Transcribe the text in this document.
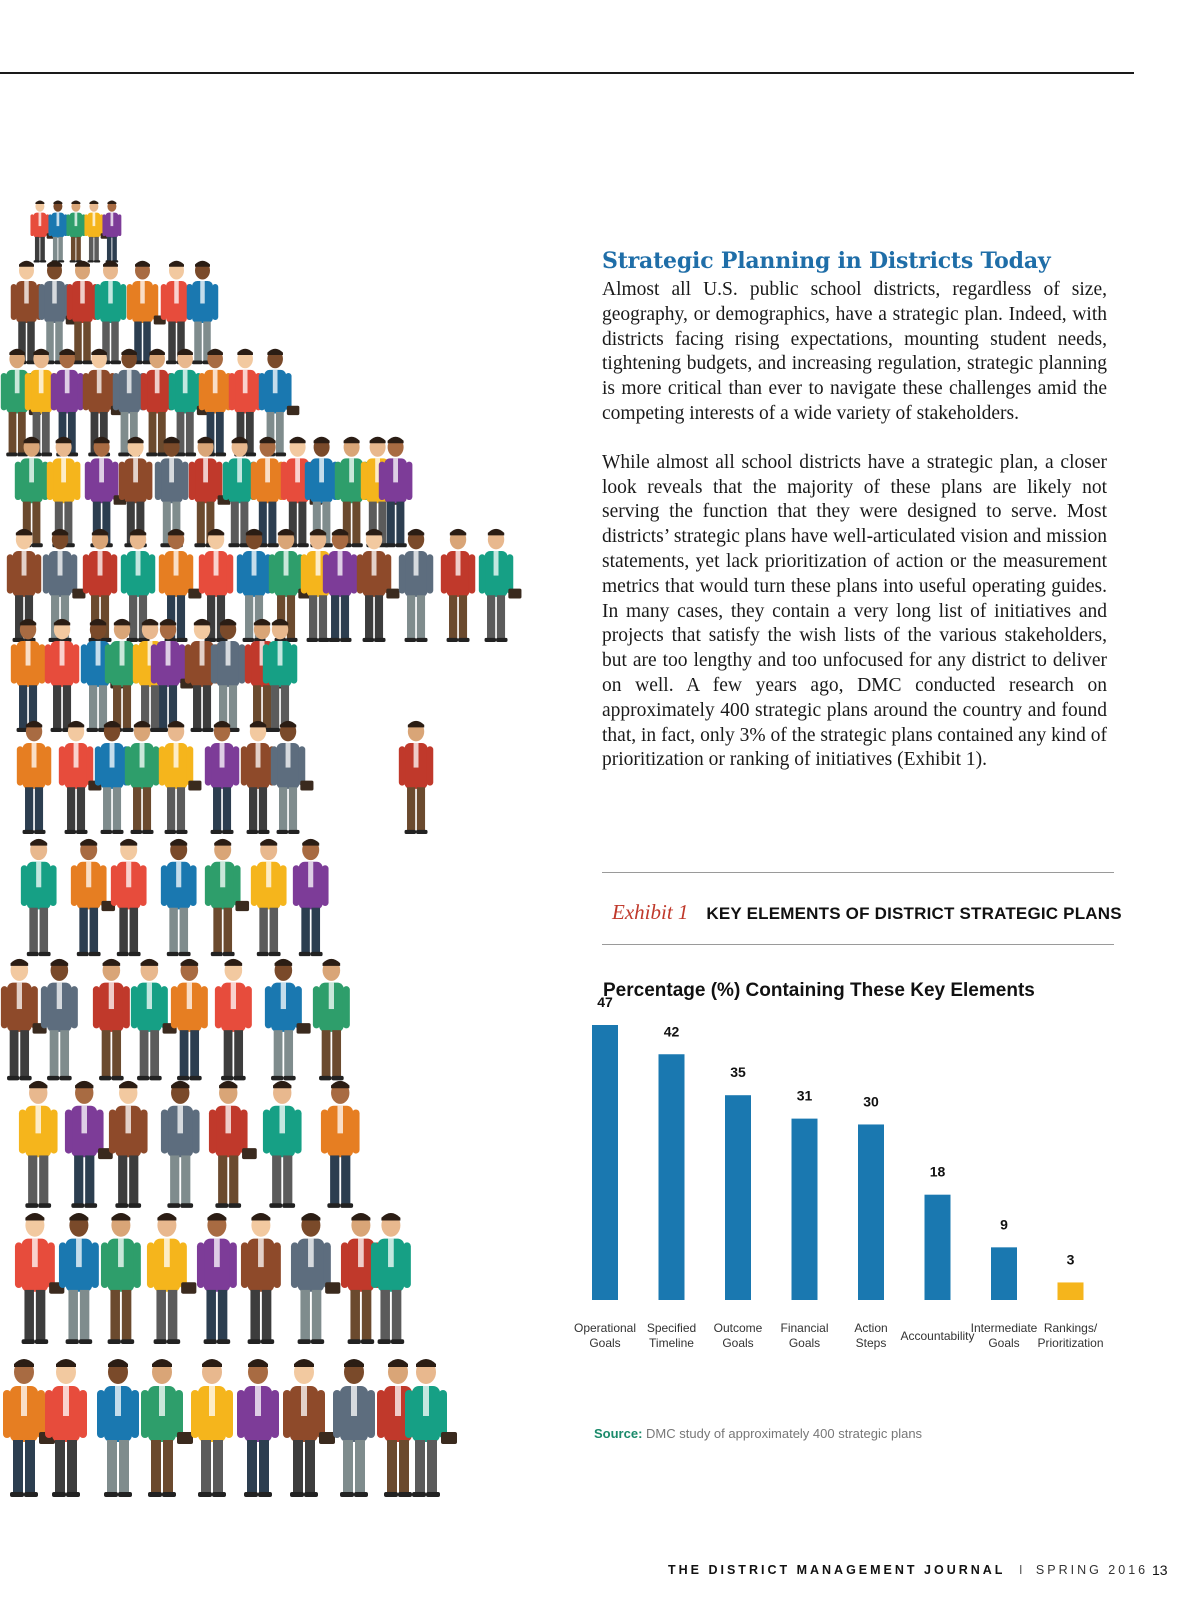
Strategic Planning in Districts Today

Almost all U.S. public school districts, regardless of size, geography, or demographics, have a strategic plan. Indeed, with districts facing rising expectations, mounting student needs, tightening budgets, and increasing regulation, strategic planning is more critical than ever to navigate these challenges amid the competing interests of a wide variety of stakeholders.

While almost all school districts have a strategic plan, a closer look reveals that the majority of these plans are likely not serving the function that they were designed to serve. Most districts’ strategic plans have well-articulated vision and mission statements, yet lack prioritization of action or the measurement metrics that would turn these plans into useful operating guides. In many cases, they contain a very long list of initiatives and projects that satisfy the wish lists of the various stakeholders, but are too lengthy and too unfocused for any district to deliver on well. A few years ago, DMC conducted research on approximately 400 strategic plans around the country and found that, in fact, only 3% of the strategic plans contained any kind of prioritization or ranking of initiatives (Exhibit 1).

Exhibit 1 KEY ELEMENTS OF DISTRICT STRATEGIC PLANS
Percentage (%) Containing These Key Elements
47
Operational Goals
42
Specified Timeline
35
Outcome Goals
31
Financial Goals
30
Action Steps
18
Accountability
9
Intermediate Goals
3
Rankings/ Prioritization
Source: DMC study of approximately 400 strategic plans
THE DISTRICT MANAGEMENT JOURNAL I SPRING 2016 13
